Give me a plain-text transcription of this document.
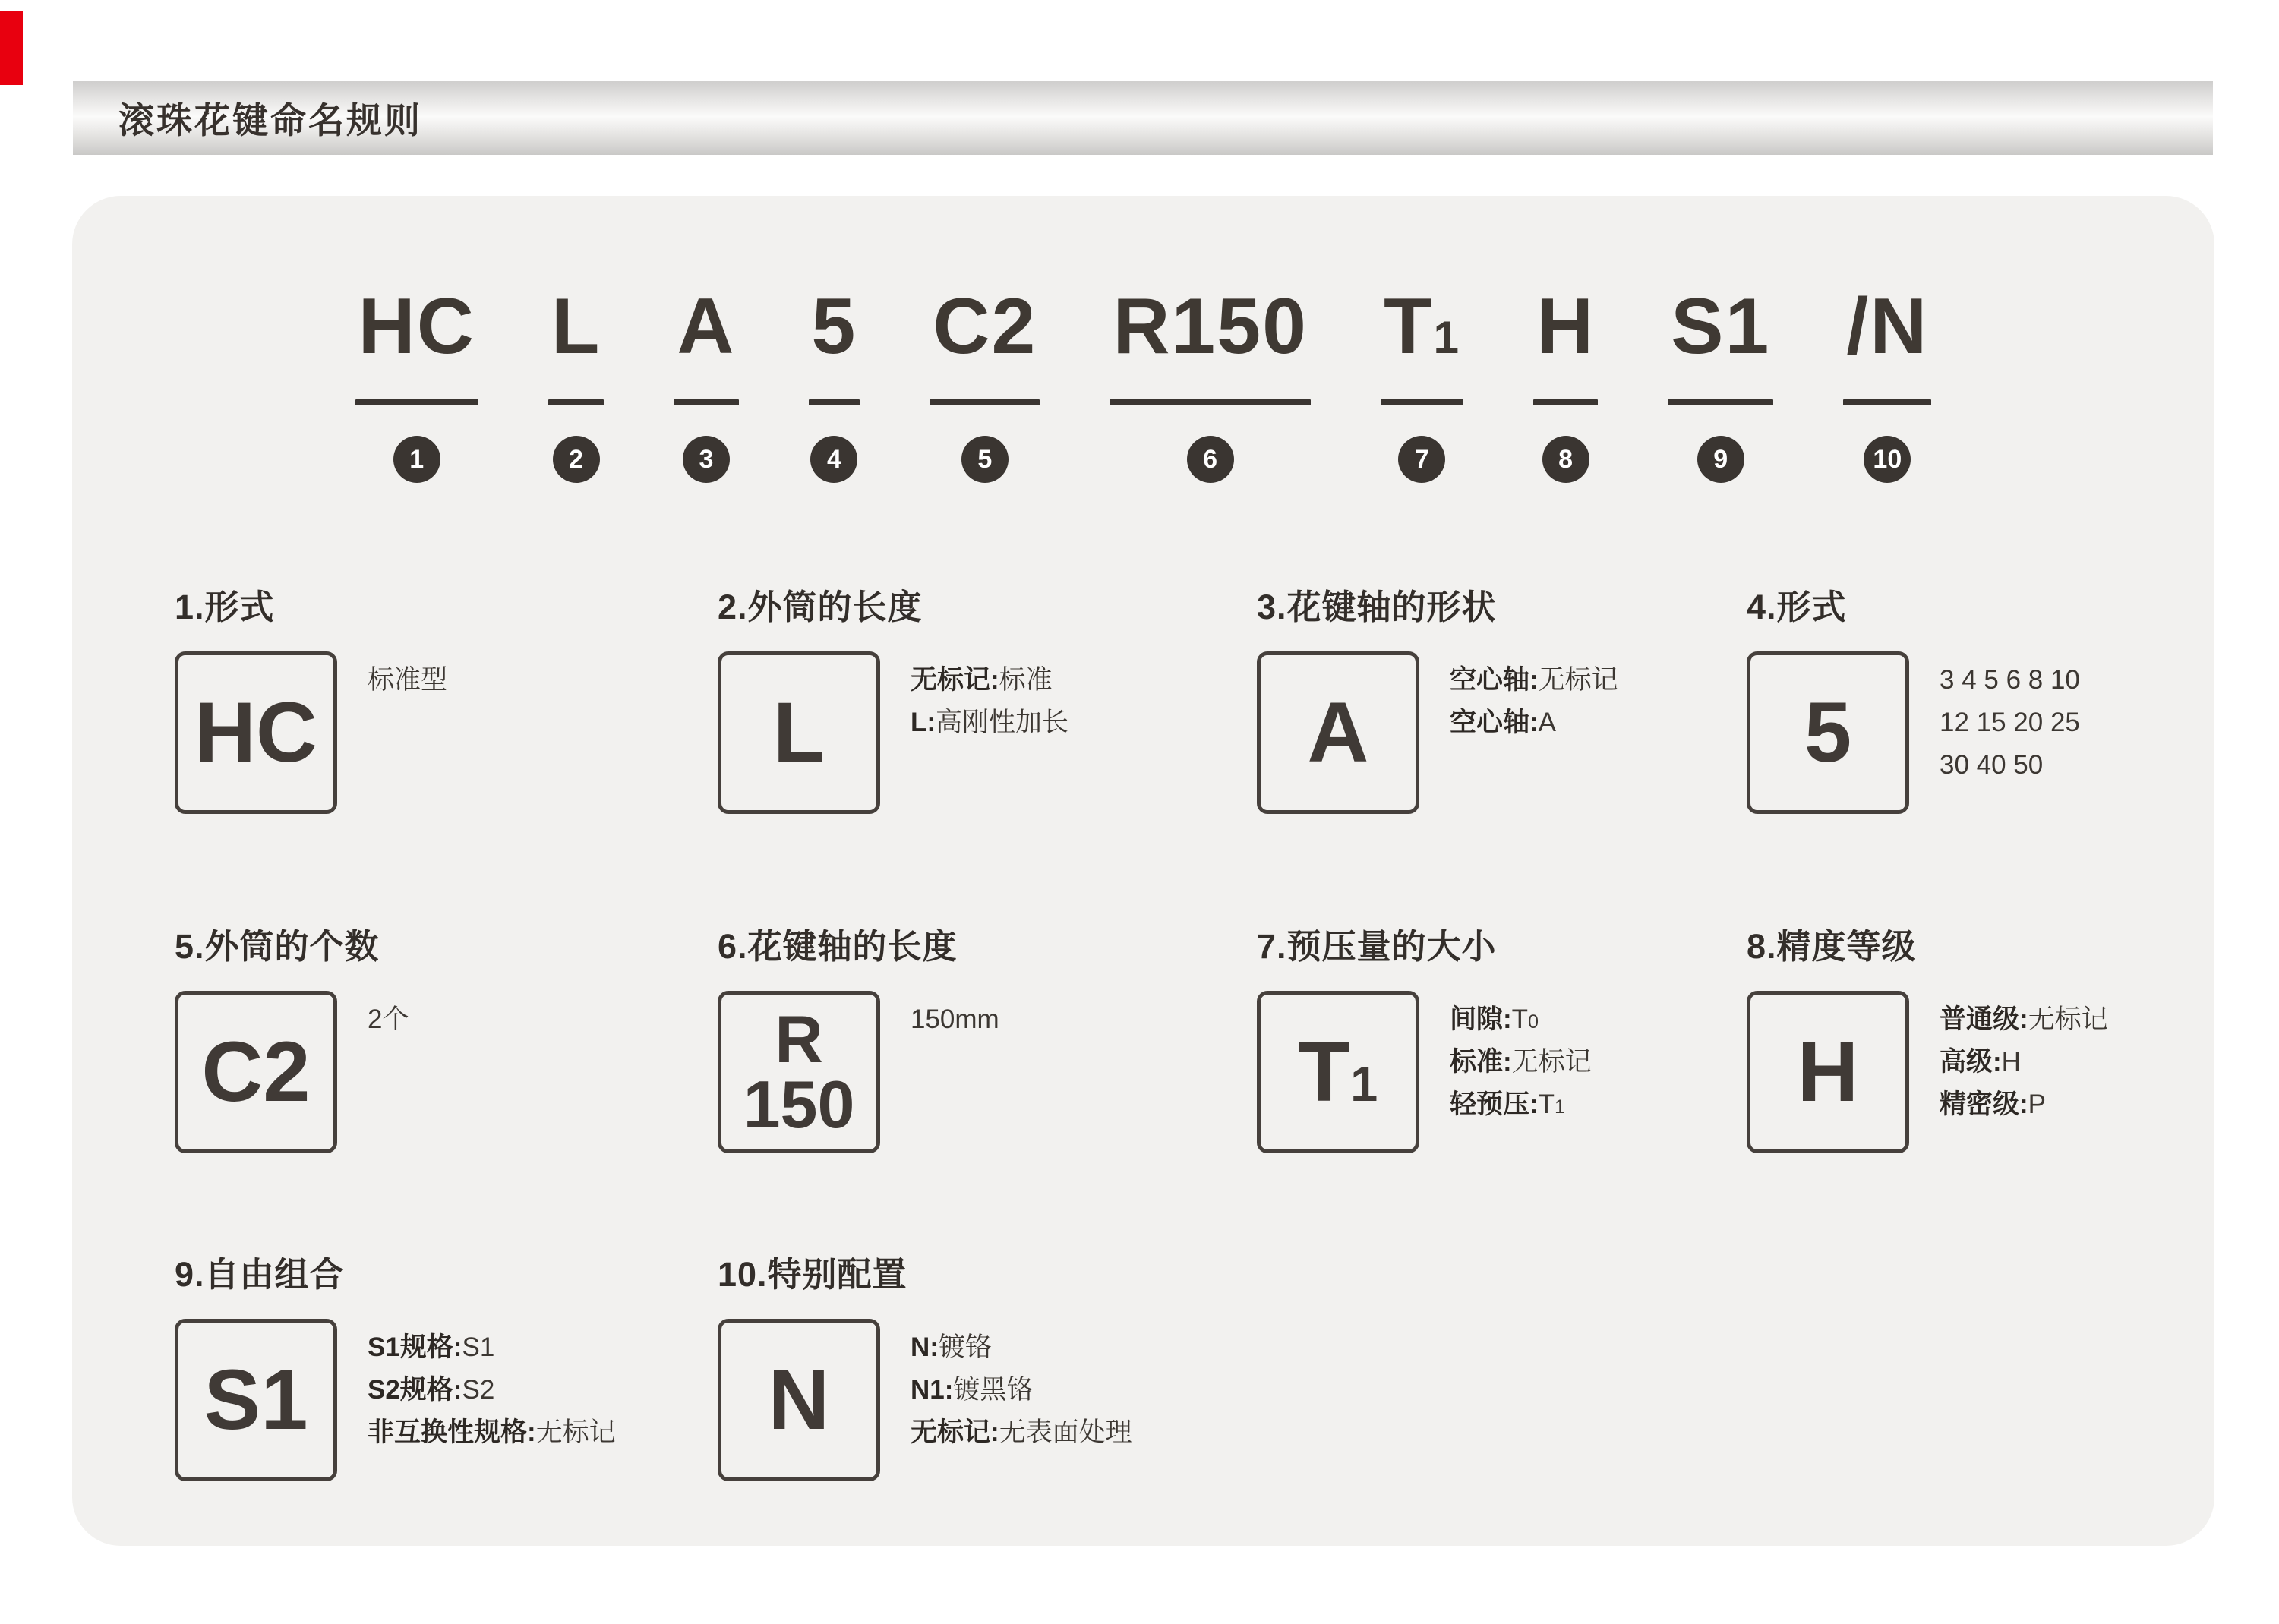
滚珠花键命名规则
HC
1
L
2
A
3
5
4
C2
5
R150
6
T1
7
H
8
S1
9
/N
10
1.形式
HC
标准型
2.外筒的长度
L
无标记:标准
L:高刚性加长
3.花键轴的形状
A
空心轴:无标记
空心轴:A
4.形式
5
3 4 5 6 8 10
12 15 20 25
30 40 50
5.外筒的个数
C2
2个
6.花键轴的长度
R
150
150mm
7.预压量的大小
T1
间隙:T0
标准:无标记
轻预压:T1
8.精度等级
H
普通级:无标记
高级:H
精密级:P
9.自由组合
S1
S1规格:S1
S2规格:S2
非互换性规格:无标记
10.特别配置
N
N:镀铬
N1:镀黑铬
无标记:无表面处理
